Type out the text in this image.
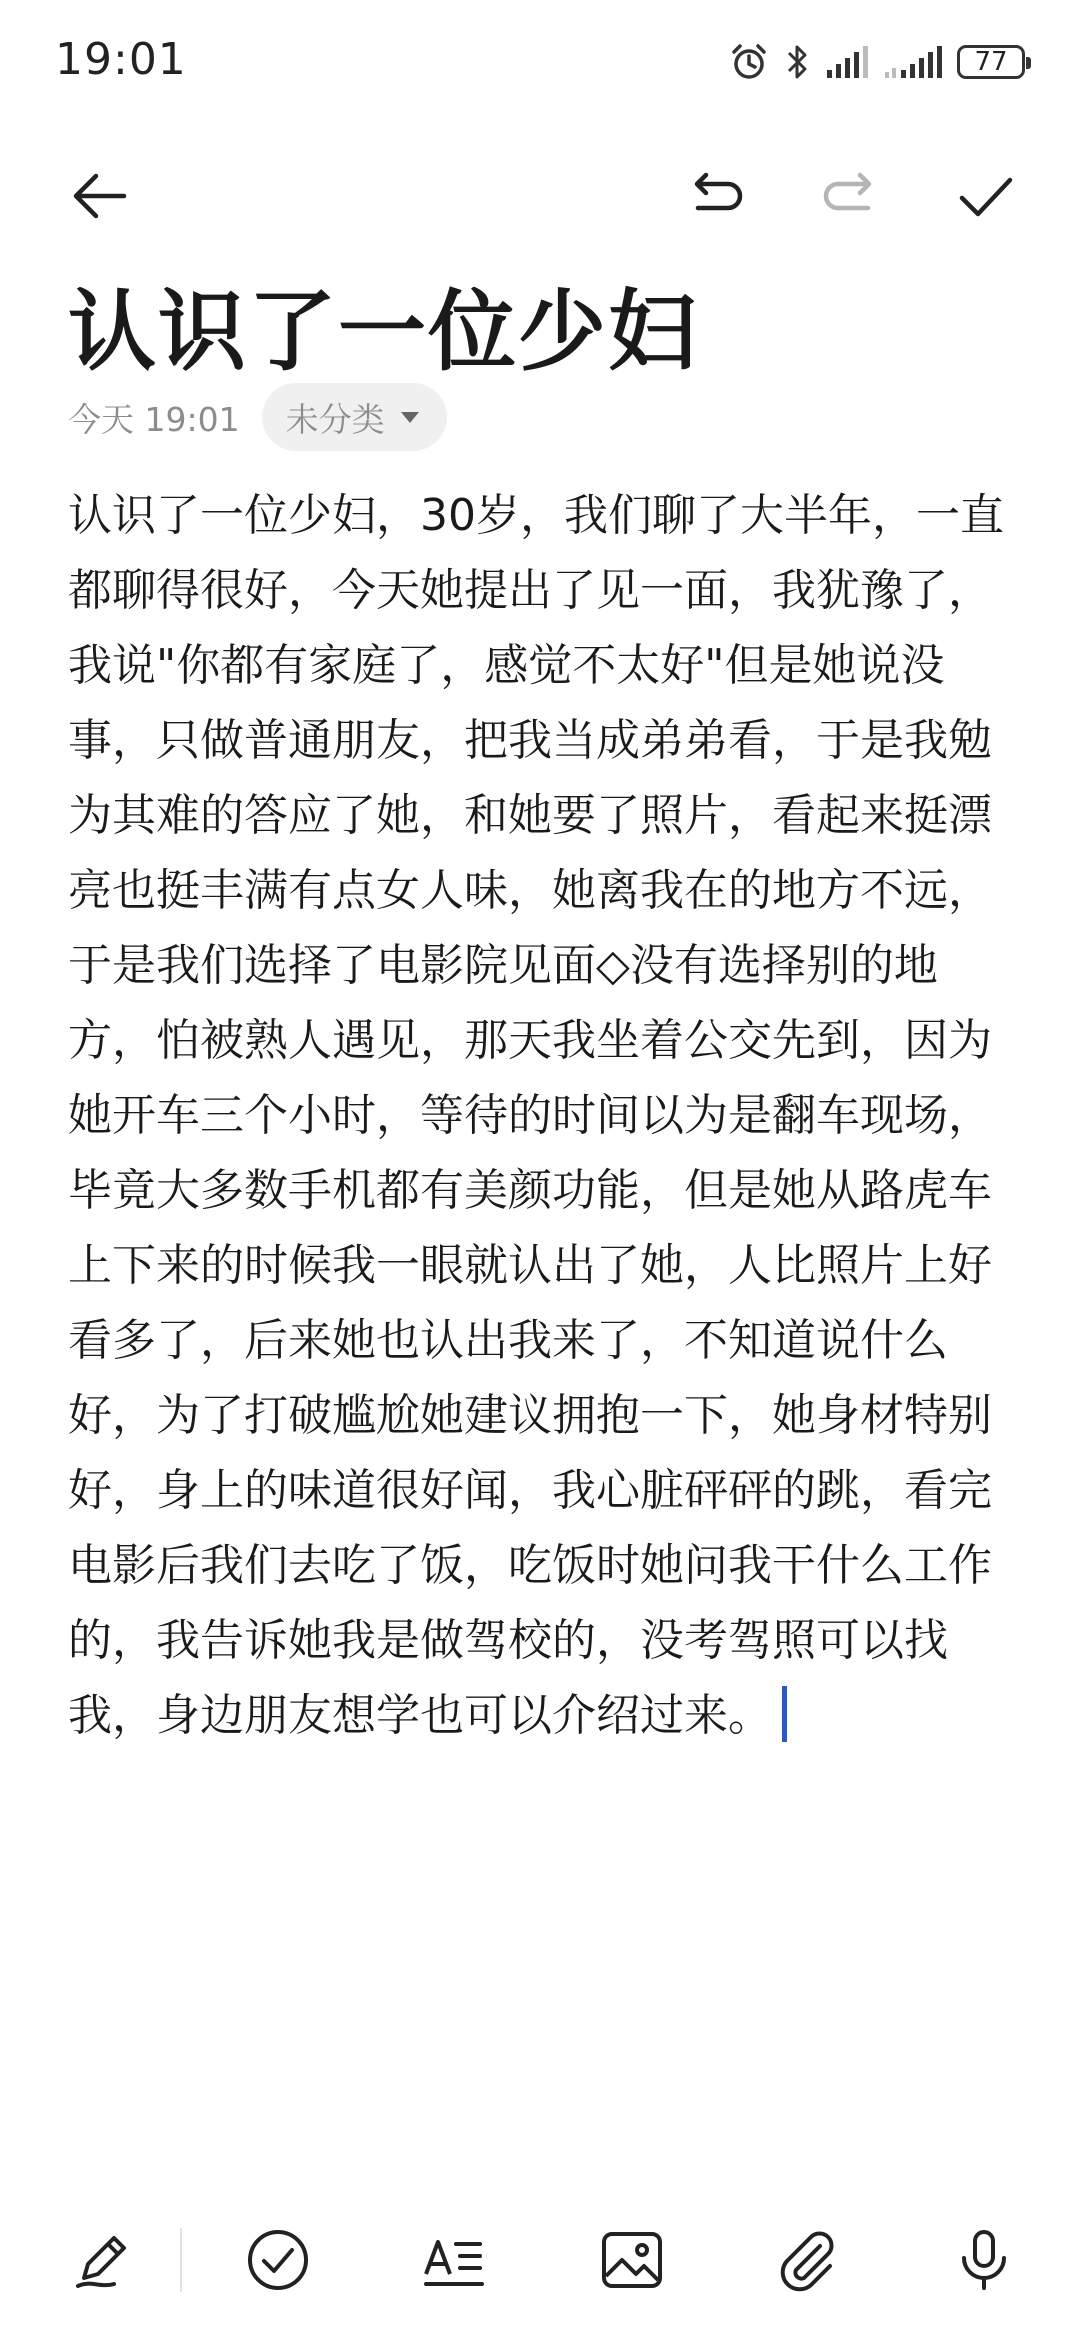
19:01	77
认识了一位少妇
今天 19:01 未分类
认识了一位少妇，30岁，我们聊了大半年，一直都聊得很好，今天她提出了见一面，我犹豫了，我说"你都有家庭了，感觉不太好"但是她说没事，只做普通朋友，把我当成弟弟看，于是我勉为其难的答应了她，和她要了照片，看起来挺漂亮也挺丰满有点女人味，她离我在的地方不远，于是我们选择了电影院见面◇没有选择别的地方，怕被熟人遇见，那天我坐着公交先到，因为她开车三个小时，等待的时间以为是翻车现场，毕竟大多数手机都有美颜功能，但是她从路虎车上下来的时候我一眼就认出了她，人比照片上好看多了，后来她也认出我来了，不知道说什么好，为了打破尴尬她建议拥抱一下，她身材特别好，身上的味道很好闻，我心脏砰砰的跳，看完电影后我们去吃了饭，吃饭时她问我干什么工作的，我告诉她我是做驾校的，没考驾照可以找我，身边朋友想学也可以介绍过来。
